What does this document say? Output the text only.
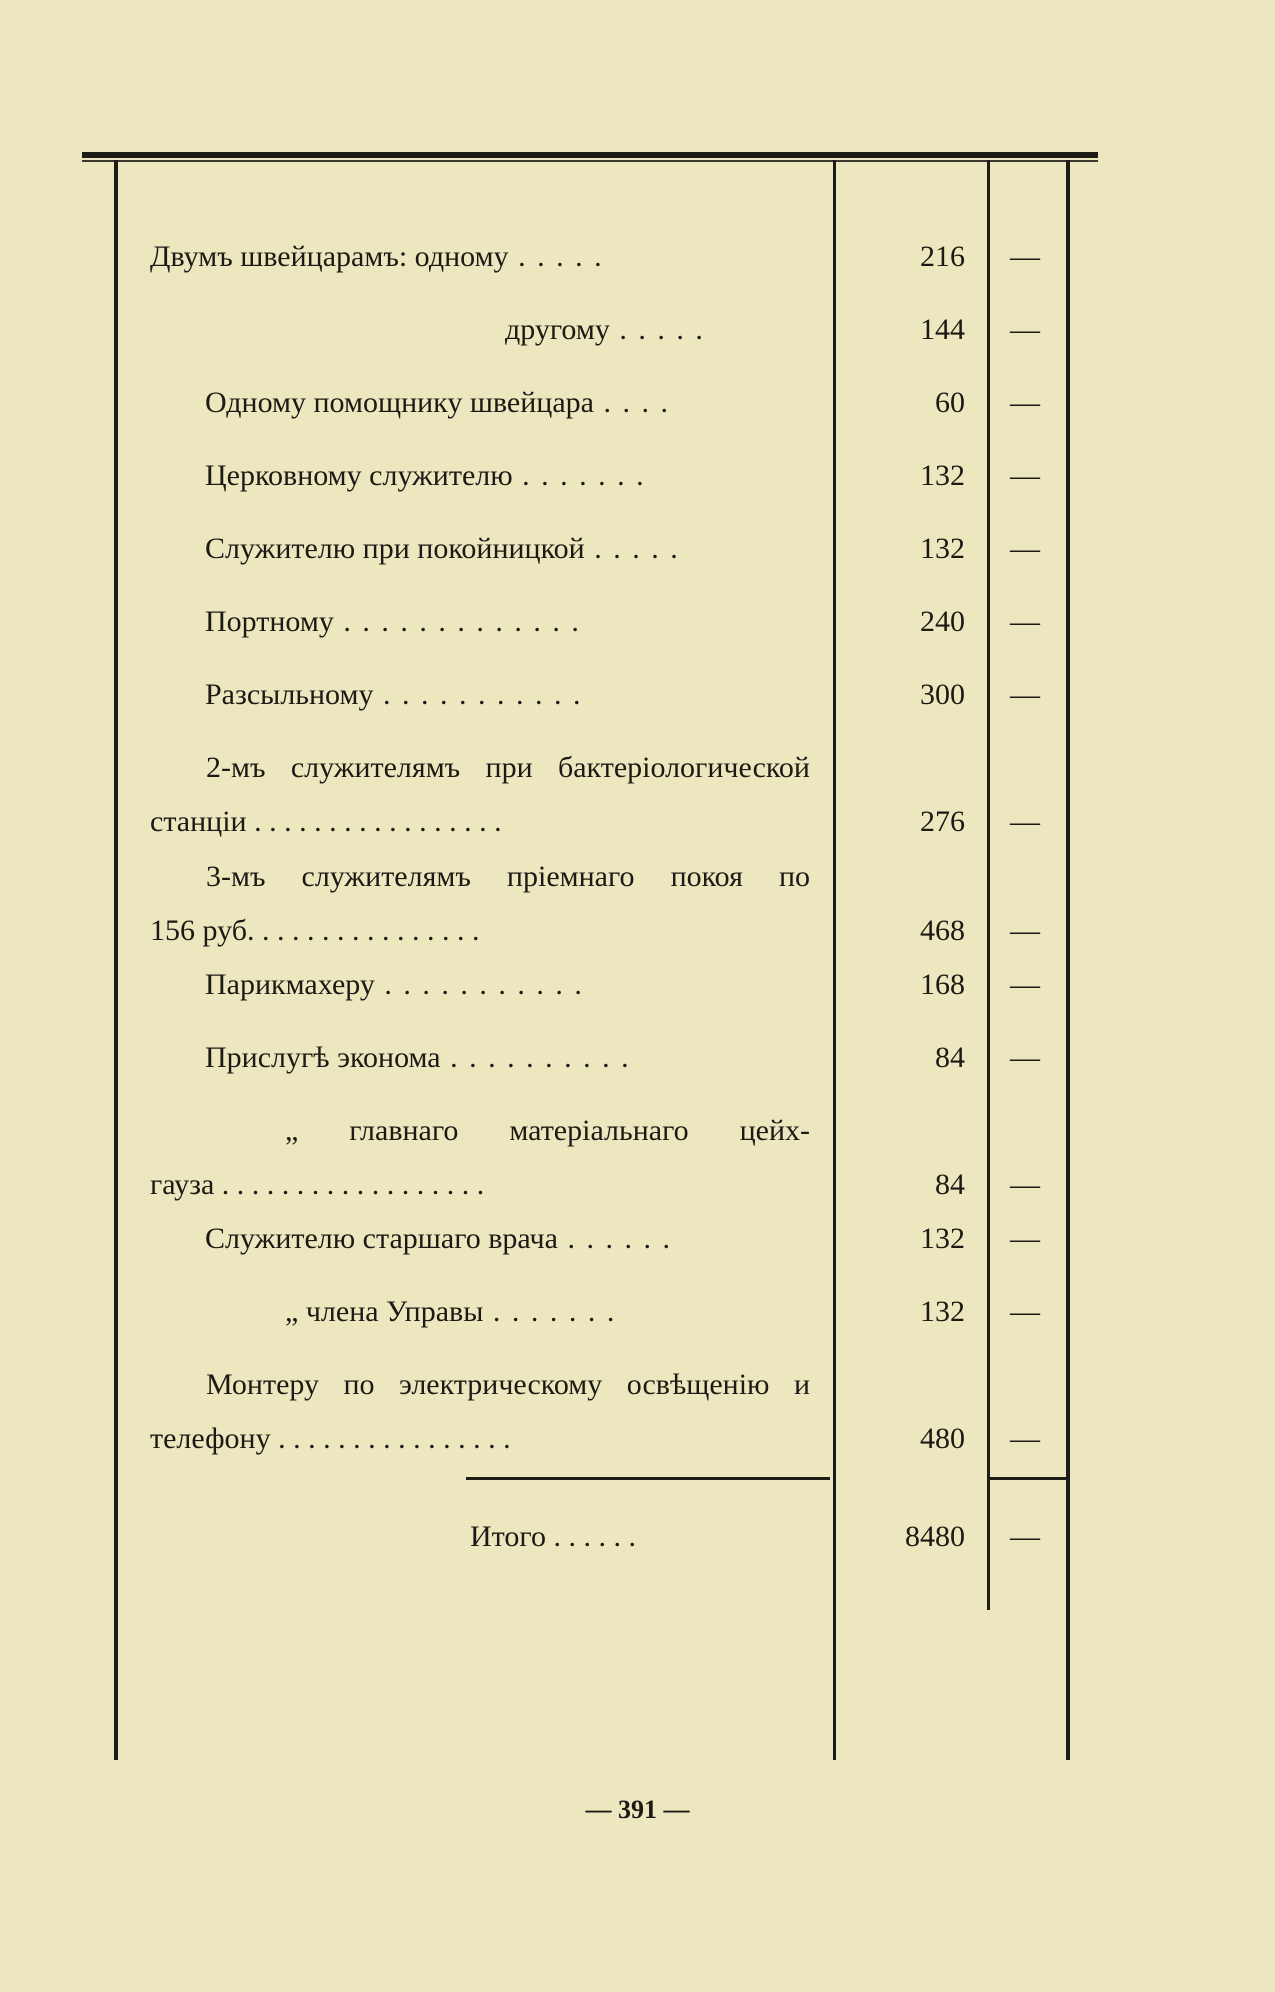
Двумъ швейцарамъ: одному . . . . .	216	—
другому . . . . .	144	—
Одному помощнику швейцара . . . .	60	—
Церковному служителю . . . . . . .	132	—
Служителю при покойницкой . . . . .	132	—
Портному . . . . . . . . . . . . .	240	—
Разсыльному . . . . . . . . . . .	300	—
2-мъ служителямъ при бактеріологической
станціи . . . . . . . . . . . . . . . . .	276	—
3-мъ служителямъ пріемнаго покоя по
156 руб. . . . . . . . . . . . . . . .	468	—
Парикмахеру . . . . . . . . . . .	168	—
Прислугѣ эконома . . . . . . . . . .	84	—
„ главнаго матеріальнаго цейх-
гауза . . . . . . . . . . . . . . . . . .	84	—
Служителю старшаго врача . . . . . .	132	—
„ члена Управы . . . . . . .	132	—
Монтеру по электрическому освѣщенію и
телефону . . . . . . . . . . . . . . . .	480	—
Итого . . . . . .	8480	—
— 391 —
